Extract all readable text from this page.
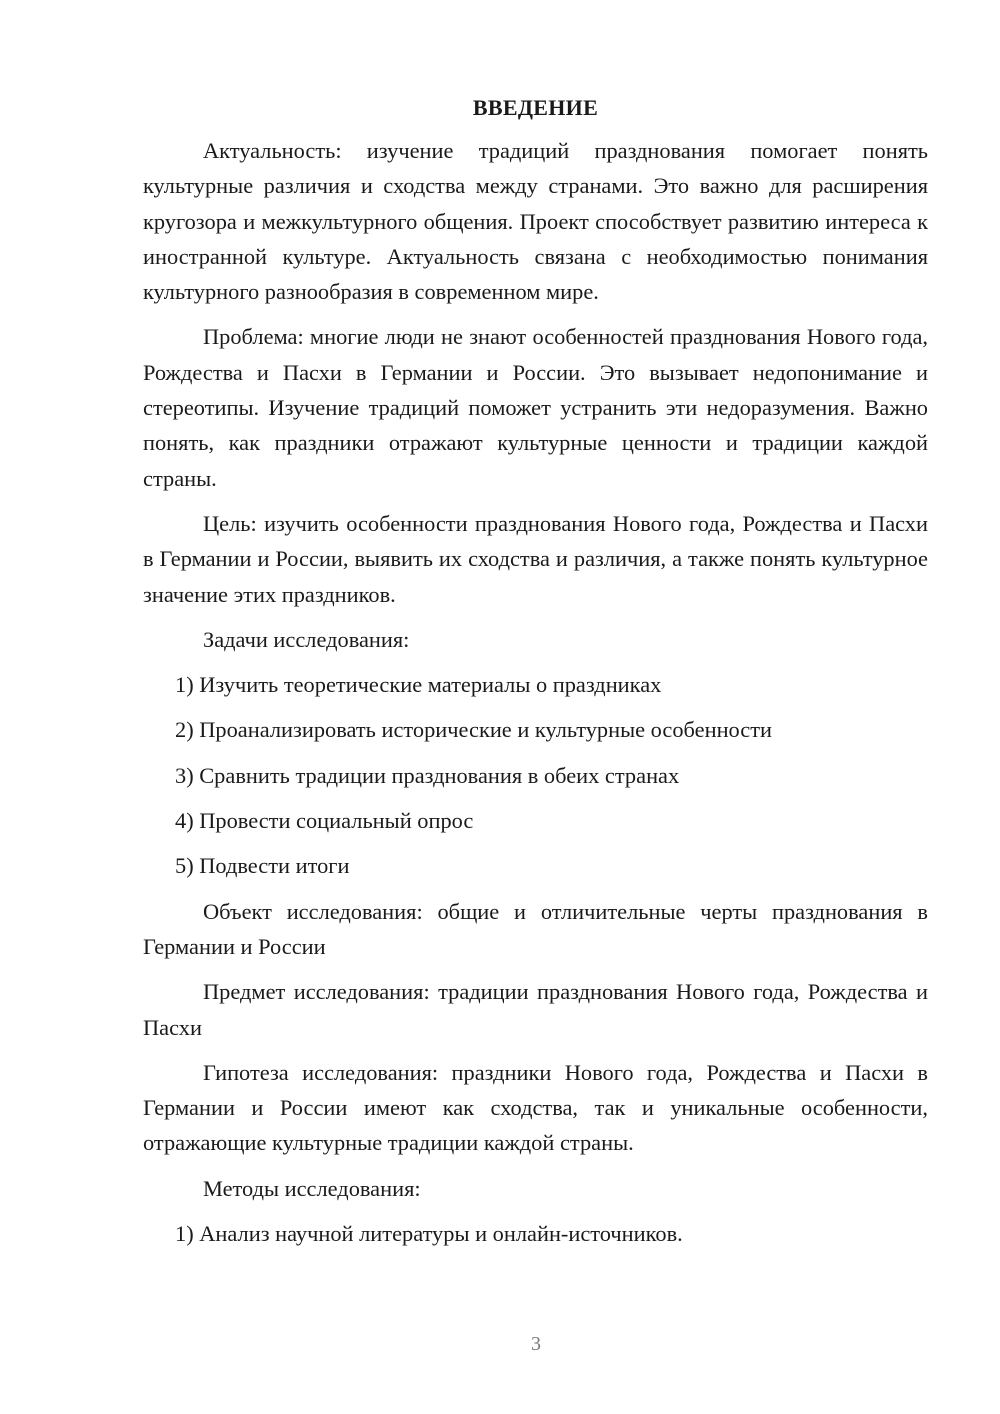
ВВЕДЕНИЕ

Актуальность: изучение традиций празднования помогает понять культурные различия и сходства между странами. Это важно для расширения кругозора и межкультурного общения. Проект способствует развитию интереса к иностранной культуре. Актуальность связана с необходимостью понимания культурного разнообразия в современном мире.

Проблема: многие люди не знают особенностей празднования Нового года, Рождества и Пасхи в Германии и России. Это вызывает недопонимание и стереотипы. Изучение традиций поможет устранить эти недоразумения. Важно понять, как праздники отражают культурные ценности и традиции каждой страны.

Цель: изучить особенности празднования Нового года, Рождества и Пасхи в Германии и России, выявить их сходства и различия, а также понять культурное значение этих праздников.

Задачи исследования:
1) Изучить теоретические материалы о праздниках
2) Проанализировать исторические и культурные особенности
3) Сравнить традиции празднования в обеих странах
4) Провести социальный опрос
5) Подвести итоги

Объект исследования: общие и отличительные черты празднования в Германии и России

Предмет исследования: традиции празднования Нового года, Рождества и Пасхи

Гипотеза исследования: праздники Нового года, Рождества и Пасхи в Германии и России имеют как сходства, так и уникальные особенности, отражающие культурные традиции каждой страны.

Методы исследования:
1) Анализ научной литературы и онлайн-источников.
3
